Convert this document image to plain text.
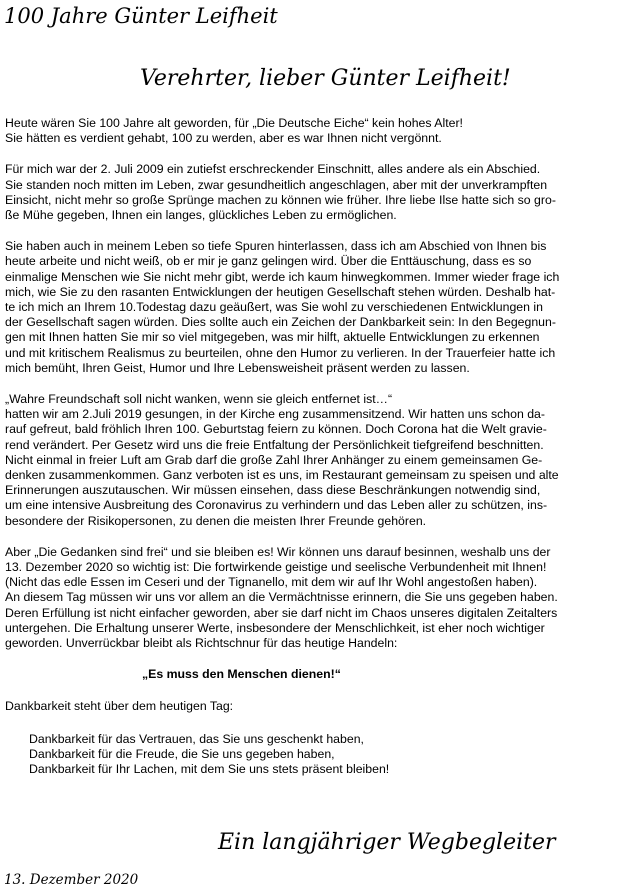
100 Jahre Günter Leifheit
Verehrter, lieber Günter Leifheit!
Heute wären Sie 100 Jahre alt geworden, für „Die Deutsche Eiche“ kein hohes Alter!
Sie hätten es verdient gehabt, 100 zu werden, aber es war Ihnen nicht vergönnt.
Für mich war der 2. Juli 2009 ein zutiefst erschreckender Einschnitt, alles andere als ein Abschied.
Sie standen noch mitten im Leben, zwar gesundheitlich angeschlagen, aber mit der unverkrampften
Einsicht, nicht mehr so große Sprünge machen zu können wie früher. Ihre liebe Ilse hatte sich so gro-
ße Mühe gegeben, Ihnen ein langes, glückliches Leben zu ermöglichen.
Sie haben auch in meinem Leben so tiefe Spuren hinterlassen, dass ich am Abschied von Ihnen bis
heute arbeite und nicht weiß, ob er mir je ganz gelingen wird. Über die Enttäuschung, dass es so
einmalige Menschen wie Sie nicht mehr gibt, werde ich kaum hinwegkommen. Immer wieder frage ich
mich, wie Sie zu den rasanten Entwicklungen der heutigen Gesellschaft stehen würden. Deshalb hat-
te ich mich an Ihrem 10.Todestag dazu geäußert, was Sie wohl zu verschiedenen Entwicklungen in
der Gesellschaft sagen würden. Dies sollte auch ein Zeichen der Dankbarkeit sein: In den Begegnun-
gen mit Ihnen hatten Sie mir so viel mitgegeben, was mir hilft, aktuelle Entwicklungen zu erkennen
und mit kritischem Realismus zu beurteilen, ohne den Humor zu verlieren. In der Trauerfeier hatte ich
mich bemüht, Ihren Geist, Humor und Ihre Lebensweisheit präsent werden zu lassen.
„Wahre Freundschaft soll nicht wanken, wenn sie gleich entfernet ist…“
hatten wir am 2.Juli 2019 gesungen, in der Kirche eng zusammensitzend. Wir hatten uns schon da-
rauf gefreut, bald fröhlich Ihren 100. Geburtstag feiern zu können. Doch Corona hat die Welt gravie-
rend verändert. Per Gesetz wird uns die freie Entfaltung der Persönlichkeit tiefgreifend beschnitten.
Nicht einmal in freier Luft am Grab darf die große Zahl Ihrer Anhänger zu einem gemeinsamen Ge-
denken zusammenkommen. Ganz verboten ist es uns, im Restaurant gemeinsam zu speisen und alte
Erinnerungen auszutauschen. Wir müssen einsehen, dass diese Beschränkungen notwendig sind,
um eine intensive Ausbreitung des Coronavirus zu verhindern und das Leben aller zu schützen, ins-
besondere der Risikopersonen, zu denen die meisten Ihrer Freunde gehören.
Aber „Die Gedanken sind frei“ und sie bleiben es! Wir können uns darauf besinnen, weshalb uns der
13. Dezember 2020 so wichtig ist: Die fortwirkende geistige und seelische Verbundenheit mit Ihnen!
(Nicht das edle Essen im Ceseri und der Tignanello, mit dem wir auf Ihr Wohl angestoßen haben).
An diesem Tag müssen wir uns vor allem an die Vermächtnisse erinnern, die Sie uns gegeben haben.
Deren Erfüllung ist nicht einfacher geworden, aber sie darf nicht im Chaos unseres digitalen Zeitalters
untergehen. Die Erhaltung unserer Werte, insbesondere der Menschlichkeit, ist eher noch wichtiger
geworden. Unverrückbar bleibt als Richtschnur für das heutige Handeln:
„Es muss den Menschen dienen!“
Dankbarkeit steht über dem heutigen Tag:
Dankbarkeit für das Vertrauen, das Sie uns geschenkt haben,
Dankbarkeit für die Freude, die Sie uns gegeben haben,
Dankbarkeit für Ihr Lachen, mit dem Sie uns stets präsent bleiben!
Ein langjähriger Wegbegleiter
13. Dezember 2020
